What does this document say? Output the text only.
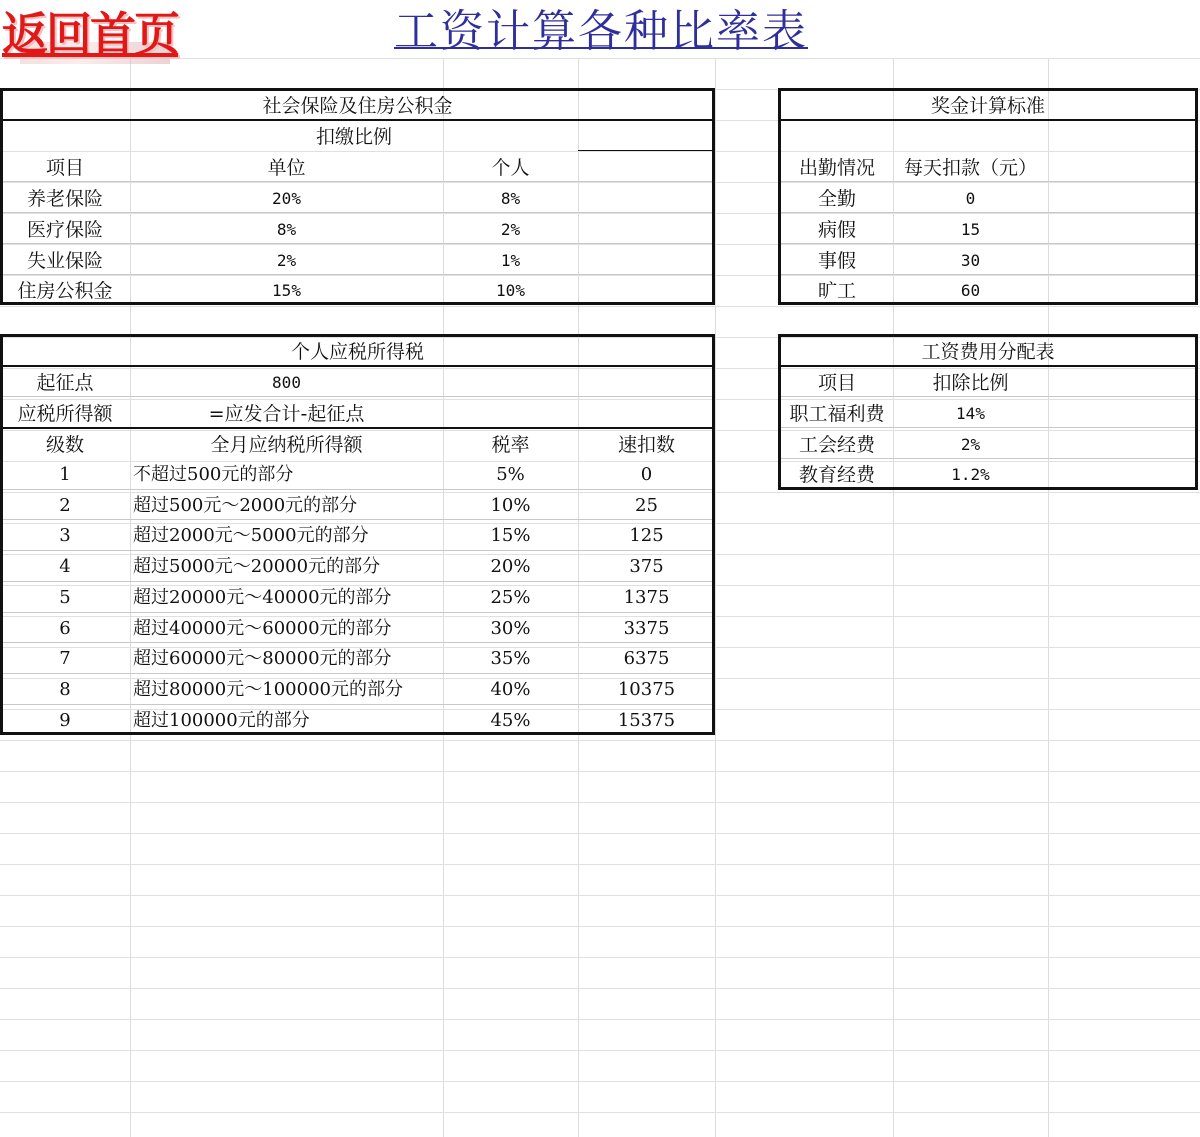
返回首页	工资计算各种比率表
社会保险及住房公积金
扣缴比例
项目	单位	个人
养老保险	20%	8%
医疗保险	8%	2%
失业保险	2%	1%
住房公积金	15%	10%
奖金计算标准
出勤情况	每天扣款（元）
全勤	0
病假	15
事假	30
旷工	60
个人应税所得税
起征点	800
应税所得额	=应发合计-起征点
级数	全月应纳税所得额	税率	速扣数
1	不超过500元的部分	5%	0
2	超过500元～2000元的部分	10%	25
3	超过2000元～5000元的部分	15%	125
4	超过5000元～20000元的部分	20%	375
5	超过20000元～40000元的部分	25%	1375
6	超过40000元～60000元的部分	30%	3375
7	超过60000元～80000元的部分	35%	6375
8	超过80000元～100000元的部分	40%	10375
9	超过100000元的部分	45%	15375
工资费用分配表
项目	扣除比例
职工福利费	14%
工会经费	2%
教育经费	1.2%
